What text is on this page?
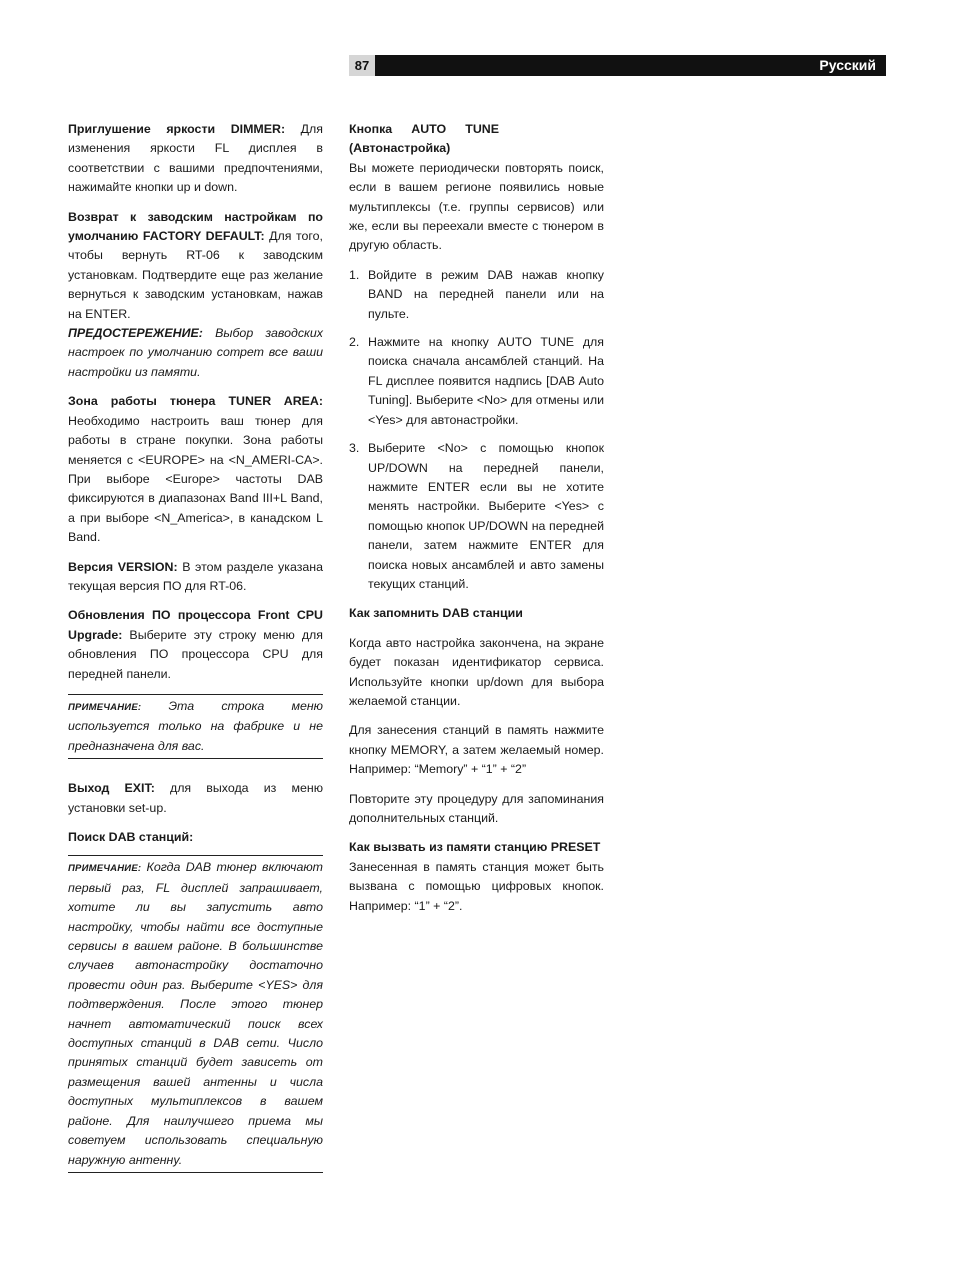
87	Русский

Приглушение яркости DIMMER: Для изменения яркости FL дисплея в соответствии с вашими предпочтениями, нажимайте кнопки up и down.

Возврат к заводским настройкам по умолчанию FACTORY DEFAULT: Для того, чтобы вернуть RT-06 к заводским установкам. Подтвердите еще раз желание вернуться к заводским установкам, нажав на ENTER.

ПРЕДОСТЕРЕЖЕНИЕ: Выбор заводских настроек по умолчанию сотрет все ваши настройки из памяти.

Зона работы тюнера TUNER AREA: Необходимо настроить ваш тюнер для работы в стране покупки. Зона работы меняется с <EUROPE> на <N_AMERI-CA>. При выборе <Europe> частоты DAB фиксируются в диапазонах Band III+L Band, а при выборе <N_America>, в канадском L Band.

Версия VERSION: В этом разделе указана текущая версия ПО для RT-06.

Обновления ПО процессора Front CPU Upgrade: Выберите эту строку меню для обновления ПО процессора CPU для передней панели.

ПРИМЕЧАНИЕ: Эта строка меню используется только на фабрике и не предназначена для вас.

Выход EXIT: для выхода из меню установки set-up.

Поиск DAB станций:

ПРИМЕЧАНИЕ: Когда DAB тюнер включают первый раз, FL дисплей запрашивает, хотите ли вы запустить авто настройку, чтобы найти все доступные сервисы в вашем районе. В большинстве случаев автонастройку достаточно провести один раз. Выберите <YES> для подтверждения. После этого тюнер начнет автоматический поиск всех доступных станций в DAB сети. Число принятых станций будет зависеть от размещения вашей антенны и числа доступных мультиплексов в вашем районе. Для наилучшего приема мы советуем использовать специальную наружную антенну.

Кнопка AUTO TUNE (Автонастройка)

Вы можете периодически повторять поиск, если в вашем регионе появились новые мультиплексы (т.е. группы сервисов) или же, если вы переехали вместе с тюнером в другую область.

1. Войдите в режим DAB нажав кнопку BAND на передней панели или на пульте.
2. Нажмите на кнопку AUTO TUNE для поиска сначала ансамблей станций. На FL дисплее появится надпись [DAB Auto Tuning]. Выберите <No> для отмены или <Yes> для автонастройки.
3. Выберите <No> с помощью кнопок UP/DOWN на передней панели, нажмите ENTER если вы не хотите менять настройки. Выберите <Yes> с помощью кнопок UP/DOWN на передней панели, затем нажмите ENTER для поиска новых ансамблей и авто замены текущих станций.

Как запомнить DAB станции

Когда авто настройка закончена, на экране будет показан идентификатор сервиса. Используйте кнопки up/down для выбора желаемой станции.

Для занесения станций в память нажмите кнопку MEMORY, а затем желаемый номер. Например: “Memory” + “1” + “2”

Повторите эту процедуру для запоминания дополнительных станций.

Как вызвать из памяти станцию PRESET

Занесенная в память станция может быть вызвана с помощью цифровых кнопок. Например: “1” + “2”.
